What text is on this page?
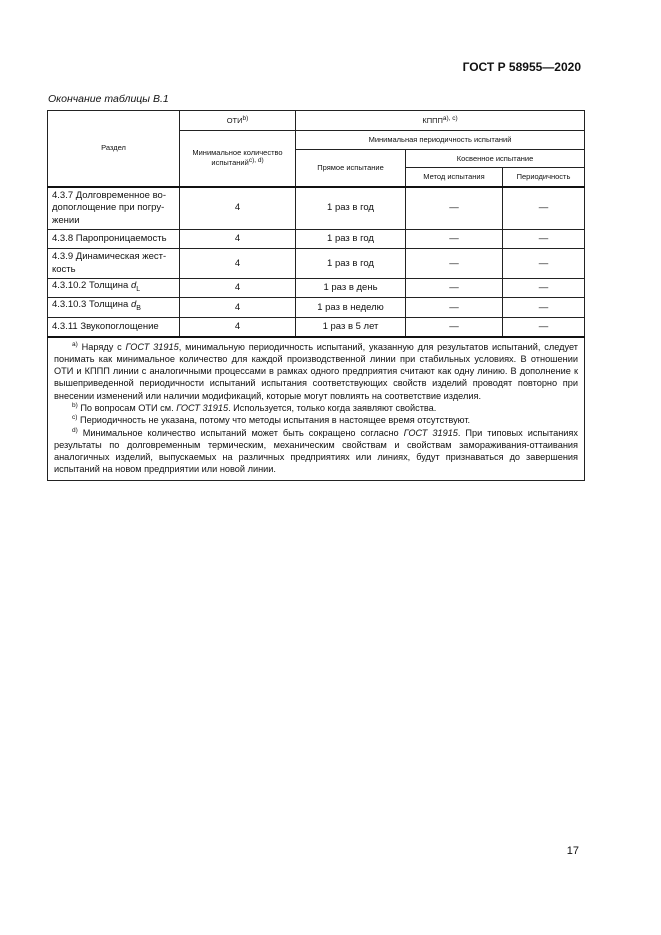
ГОСТ Р 58955—2020
Окончание таблицы В.1
Раздел	ОТИ$^{b)}$	$КППП^{a), c)}$
	Минимальное количество испытаний$^{c), d)}$	Минимальная периодичность испытаний		
		Прямое испытание	Косвенное испытание	
			Метод испытания	Периодичность
4.3.7 Долговременное во-допоглощение при погру-жении	4	1 раз в год	—	—
4.3.8 Паропроницаемость	4	1 раз в год	—	—
4.3.9 Динамическая жест-кость	4	1 раз в год	—	—
4.3.10.2 Толщина $d_L$	4	1 раз в день	—	—
4.3.10.3 Толщина $d_B$	4	1 раз в неделю	—	—
4.3.11 Звукопоглощение	4	1 раз в 5 лет	—	—

$^{a)}$ Наряду с ГОСТ 31915, минимальную периодичность испытаний, указанную для результатов испытаний, следует понимать как минимальное количество для каждой производственной линии при стабильных условиях. В отношении ОТИ и КППП линии с аналогичными процессами в рамках одного предприятия считают как одну линию. В дополнение к вышеприведенной периодичности испытаний испытания соответствующих свойств изделий проводят повторно при внесении изменений или наличии модификаций, которые могут повлиять на соответствие изделия.

$^{b)}$ По вопросам ОТИ см. ГОСТ 31915. Используется, только когда заявляют свойства.

$^{c)}$ Периодичность не указана, потому что методы испытания в настоящее время отсутствуют.

$^{d)}$ Минимальное количество испытаний может быть сокращено согласно ГОСТ 31915. При типовых испытаниях результаты по долговременным термическим, механическим свойствам и свойствам замораживания-оттаивания аналогичных изделий, выпускаемых на различных предприятиях или линиях, будут признаваться до завершения испытаний на новом предприятии или новой линии.				

17
